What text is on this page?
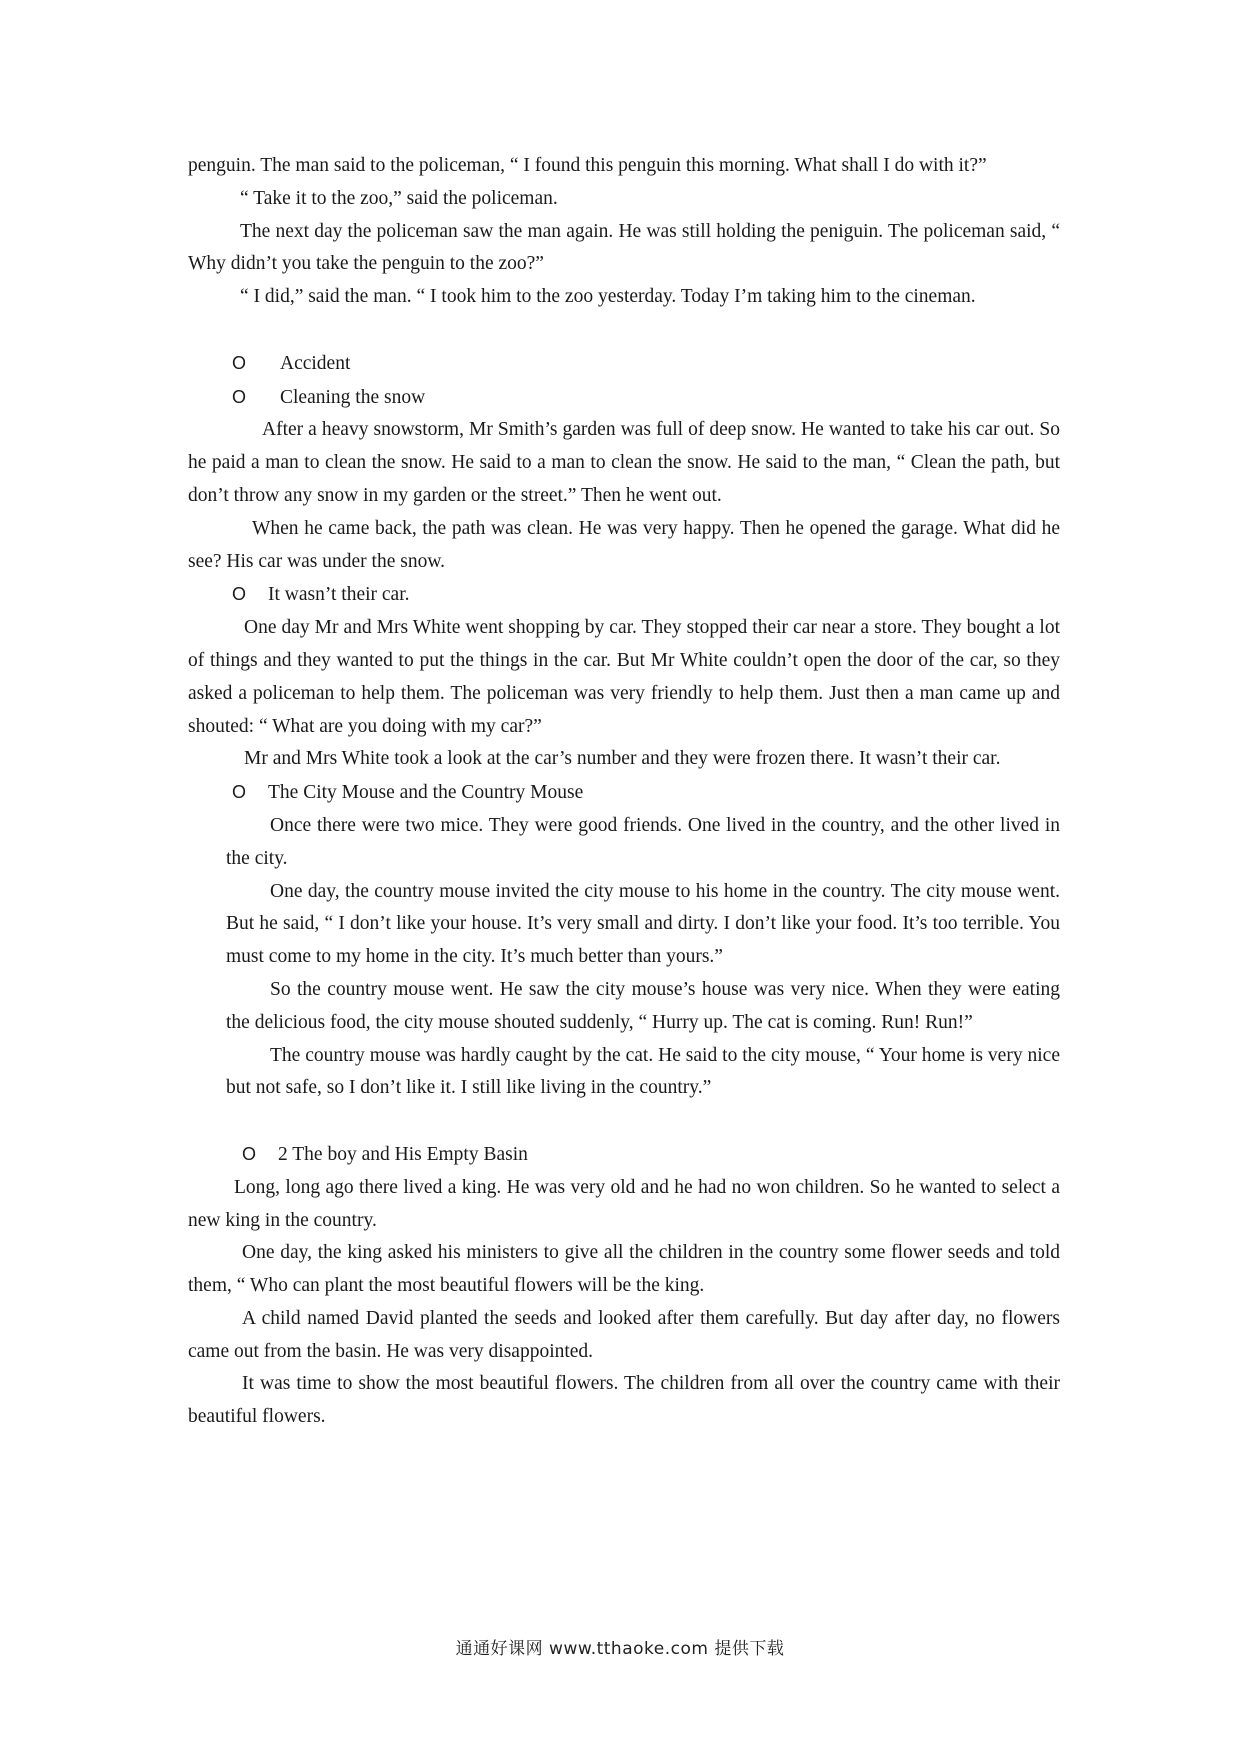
penguin. The man said to the policeman, “ I found this penguin this morning. What shall I do with it?”

“ Take it to the zoo,” said the policeman.

The next day the policeman saw the man again. He was still holding the peniguin. The policeman said, “ Why didn’t you take the penguin to the zoo?”

“ I did,” said the man. “ I took him to the zoo yesterday. Today I’m taking him to the cineman.

O	Accident
O	Cleaning the snow

After a heavy snowstorm, Mr Smith’s garden was full of deep snow. He wanted to take his car out. So he paid a man to clean the snow. He said to a man to clean the snow. He said to the man, “ Clean the path, but don’t throw any snow in my garden or the street.” Then he went out.

When he came back, the path was clean. He was very happy. Then he opened the garage. What did he see? His car was under the snow.

O	It wasn’t their car.

One day Mr and Mrs White went shopping by car. They stopped their car near a store. They bought a lot of things and they wanted to put the things in the car. But Mr White couldn’t open the door of the car, so they asked a policeman to help them. The policeman was very friendly to help them. Just then a man came up and shouted: “ What are you doing with my car?”

Mr and Mrs White took a look at the car’s number and they were frozen there. It wasn’t their car.

O	The City Mouse and the Country Mouse

Once there were two mice. They were good friends. One lived in the country, and the other lived in the city.

One day, the country mouse invited the city mouse to his home in the country. The city mouse went. But he said, “ I don’t like your house. It’s very small and dirty. I don’t like your food. It’s too terrible. You must come to my home in the city. It’s much better than yours.”

So the country mouse went. He saw the city mouse’s house was very nice. When they were eating the delicious food, the city mouse shouted suddenly, “ Hurry up. The cat is coming. Run! Run!”

The country mouse was hardly caught by the cat. He said to the city mouse, “ Your home is very nice but not safe, so I don’t like it. I still like living in the country.”

O	2 The boy and His Empty Basin

Long, long ago there lived a king. He was very old and he had no won children. So he wanted to select a new king in the country.

One day, the king asked his ministers to give all the children in the country some flower seeds and told them, “ Who can plant the most beautiful flowers will be the king.

A child named David planted the seeds and looked after them carefully. But day after day, no flowers came out from the basin. He was very disappointed.

It was time to show the most beautiful flowers. The children from all over the country came with their beautiful flowers.

通通好课网 www.tthaoke.com 提供下载
